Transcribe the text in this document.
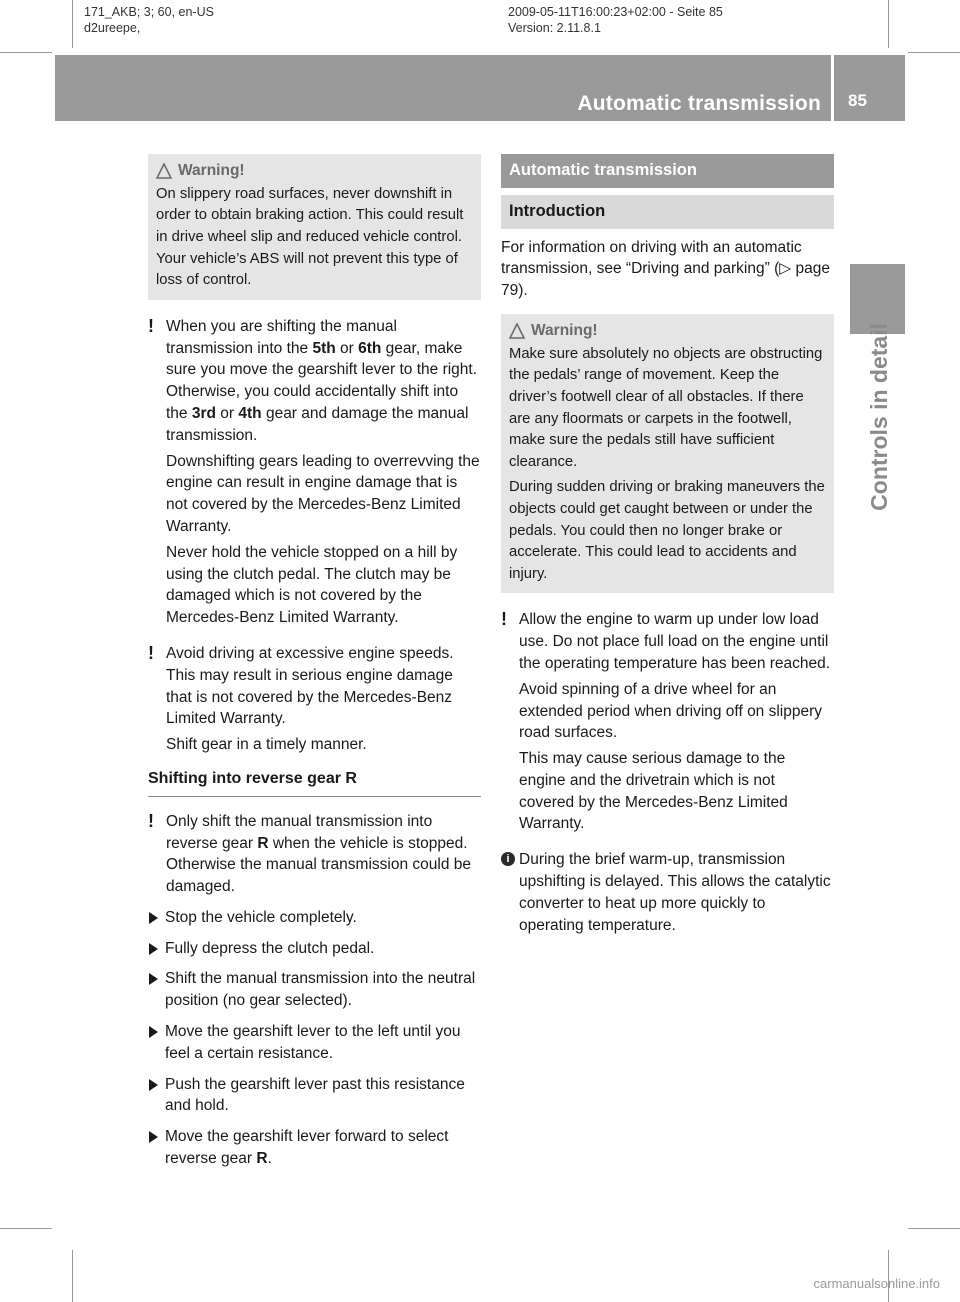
171_AKB; 3; 60, en-US
d2ureepe,
2009-05-11T16:00:23+02:00 - Seite 85
Version: 2.11.8.1
Automatic transmission 85
Controls in detail
Warning!

On slippery road surfaces, never downshift in order to obtain braking action. This could result in drive wheel slip and reduced vehicle control. Your vehicle’s ABS will not prevent this type of loss of control.

! When you are shifting the manual transmission into the 5th or 6th gear, make sure you move the gearshift lever to the right. Otherwise, you could accidentally shift into the 3rd or 4th gear and damage the manual transmission.

Downshifting gears leading to overrevving the engine can result in engine damage that is not covered by the Mercedes-Benz Limited Warranty.

Never hold the vehicle stopped on a hill by using the clutch pedal. The clutch may be damaged which is not covered by the Mercedes-Benz Limited Warranty.

! Avoid driving at excessive engine speeds. This may result in serious engine damage that is not covered by the Mercedes-Benz Limited Warranty.

Shift gear in a timely manner.

Shifting into reverse gear R
! Only shift the manual transmission into reverse gear R when the vehicle is stopped. Otherwise the manual transmission could be damaged.

Stop the vehicle completely.
Fully depress the clutch pedal.
Shift the manual transmission into the neutral position (no gear selected).
Move the gearshift lever to the left until you feel a certain resistance.
Push the gearshift lever past this resistance and hold.
Move the gearshift lever forward to select reverse gear R.
Automatic transmission
Introduction

For information on driving with an automatic transmission, see “Driving and parking” (▷ page 79).

Warning!

Make sure absolutely no objects are obstructing the pedals’ range of movement. Keep the driver’s footwell clear of all obstacles. If there are any floormats or carpets in the footwell, make sure the pedals still have sufficient clearance.

During sudden driving or braking maneuvers the objects could get caught between or under the pedals. You could then no longer brake or accelerate. This could lead to accidents and injury.

! Allow the engine to warm up under low load use. Do not place full load on the engine until the operating temperature has been reached.

Avoid spinning of a drive wheel for an extended period when driving off on slippery road surfaces.

This may cause serious damage to the engine and the drivetrain which is not covered by the Mercedes-Benz Limited Warranty.

i During the brief warm-up, transmission upshifting is delayed. This allows the catalytic converter to heat up more quickly to operating temperature.

carmanualsonline.info
